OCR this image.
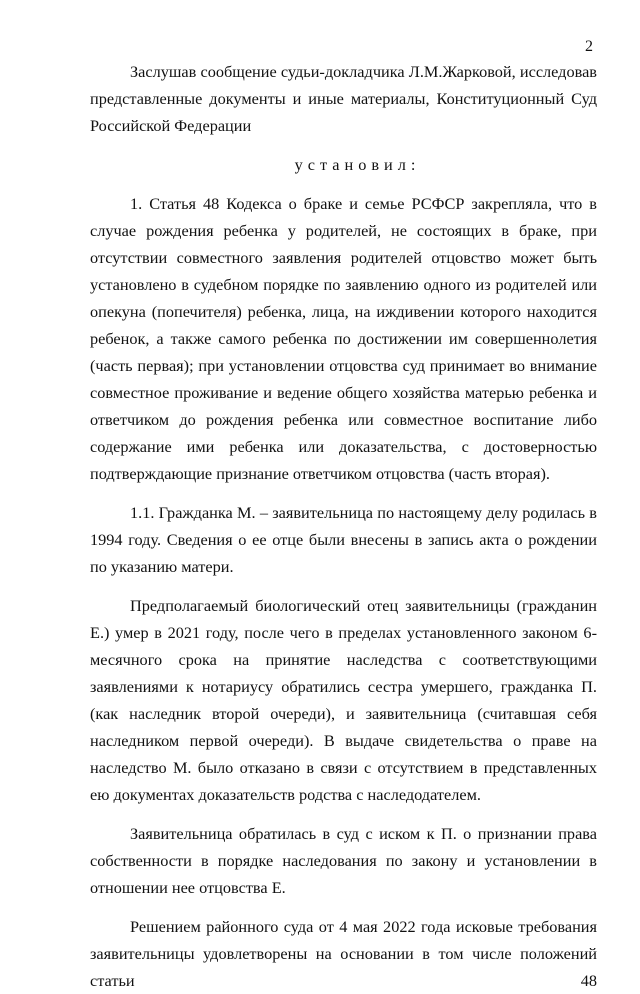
2

Заслушав сообщение судьи-докладчика Л.М.Жарковой, исследовав представленные документы и иные материалы, Конституционный Суд Российской Федерации

установил:

1. Статья 48 Кодекса о браке и семье РСФСР закрепляла, что в случае рождения ребенка у родителей, не состоящих в браке, при отсутствии совместного заявления родителей отцовство может быть установлено в судебном порядке по заявлению одного из родителей или опекуна (попечителя) ребенка, лица, на иждивении которого находится ребенок, а также самого ребенка по достижении им совершеннолетия (часть первая); при установлении отцовства суд принимает во внимание совместное проживание и ведение общего хозяйства матерью ребенка и ответчиком до рождения ребенка или совместное воспитание либо содержание ими ребенка или доказательства, с достоверностью подтверждающие признание ответчиком отцовства (часть вторая).

1.1. Гражданка М. – заявительница по настоящему делу родилась в 1994 году. Сведения о ее отце были внесены в запись акта о рождении по указанию матери.

Предполагаемый биологический отец заявительницы (гражданин Е.) умер в 2021 году, после чего в пределах установленного законом 6-месячного срока на принятие наследства с соответствующими заявлениями к нотариусу обратились сестра умершего, гражданка П. (как наследник второй очереди), и заявительница (считавшая себя наследником первой очереди). В выдаче свидетельства о праве на наследство М. было отказано в связи с отсутствием в представленных ею документах доказательств родства с наследодателем.

Заявительница обратилась в суд с иском к П. о признании права собственности в порядке наследования по закону и установлении в отношении нее отцовства Е.

Решением районного суда от 4 мая 2022 года исковые требования заявительницы удовлетворены на основании в том числе положений статьи 48
